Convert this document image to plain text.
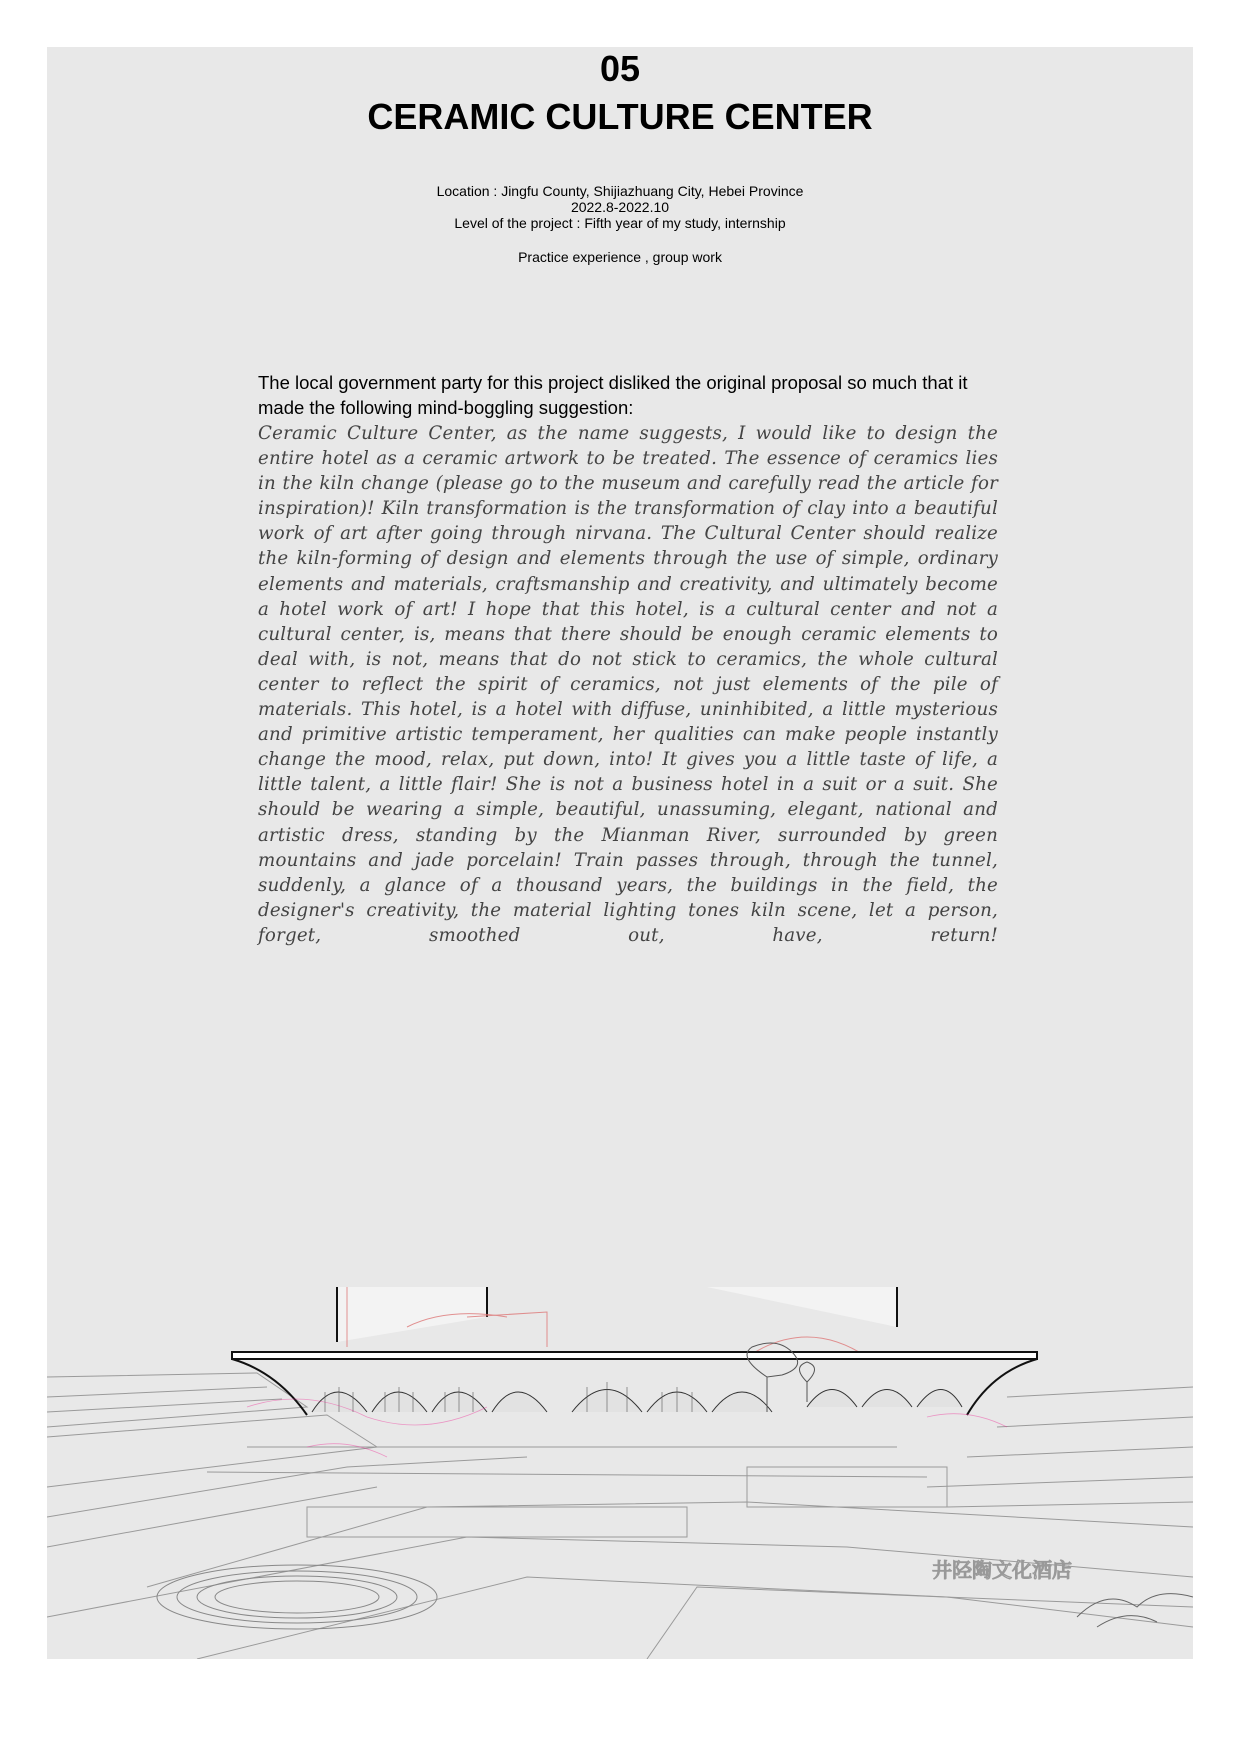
05
CERAMIC CULTURE CENTER
Location : Jingfu County, Shijiazhuang City, Hebei Province
2022.8-2022.10
Level of the project : Fifth year of my study, internship
Practice experience , group work
The local government party for this project disliked the original proposal so much that it made the following mind-boggling suggestion:
Ceramic Culture Center, as the name suggests, I would like to design the entire hotel as a ceramic artwork to be treated. The essence of ceramics lies in the kiln change (please go to the museum and carefully read the article for inspiration)! Kiln transformation is the transformation of clay into a beautiful work of art after going through nirvana. The Cultural Center should realize the kiln-forming of design and elements through the use of simple, ordinary elements and materials, craftsmanship and creativity, and ultimately become a hotel work of art! I hope that this hotel, is a cultural center and not a cultural center, is, means that there should be enough ceramic elements to deal with, is not, means that do not stick to ceramics, the whole cultural center to reflect the spirit of ceramics, not just elements of the pile of materials. This hotel, is a hotel with diffuse, uninhibited, a little mysterious and primitive artistic temperament, her qualities can make people instantly change the mood, relax, put down, into! It gives you a little taste of life, a little talent, a little flair! She is not a business hotel in a suit or a suit. She should be wearing a simple, beautiful, unassuming, elegant, national and artistic dress, standing by the Mianman River, surrounded by green mountains and jade porcelain! Train passes through, through the tunnel, suddenly, a glance of a thousand years, the buildings in the field, the designer's creativity, the material lighting tones kiln scene, let a person, forget, smoothed out, have, return!
井陉陶文化酒店
